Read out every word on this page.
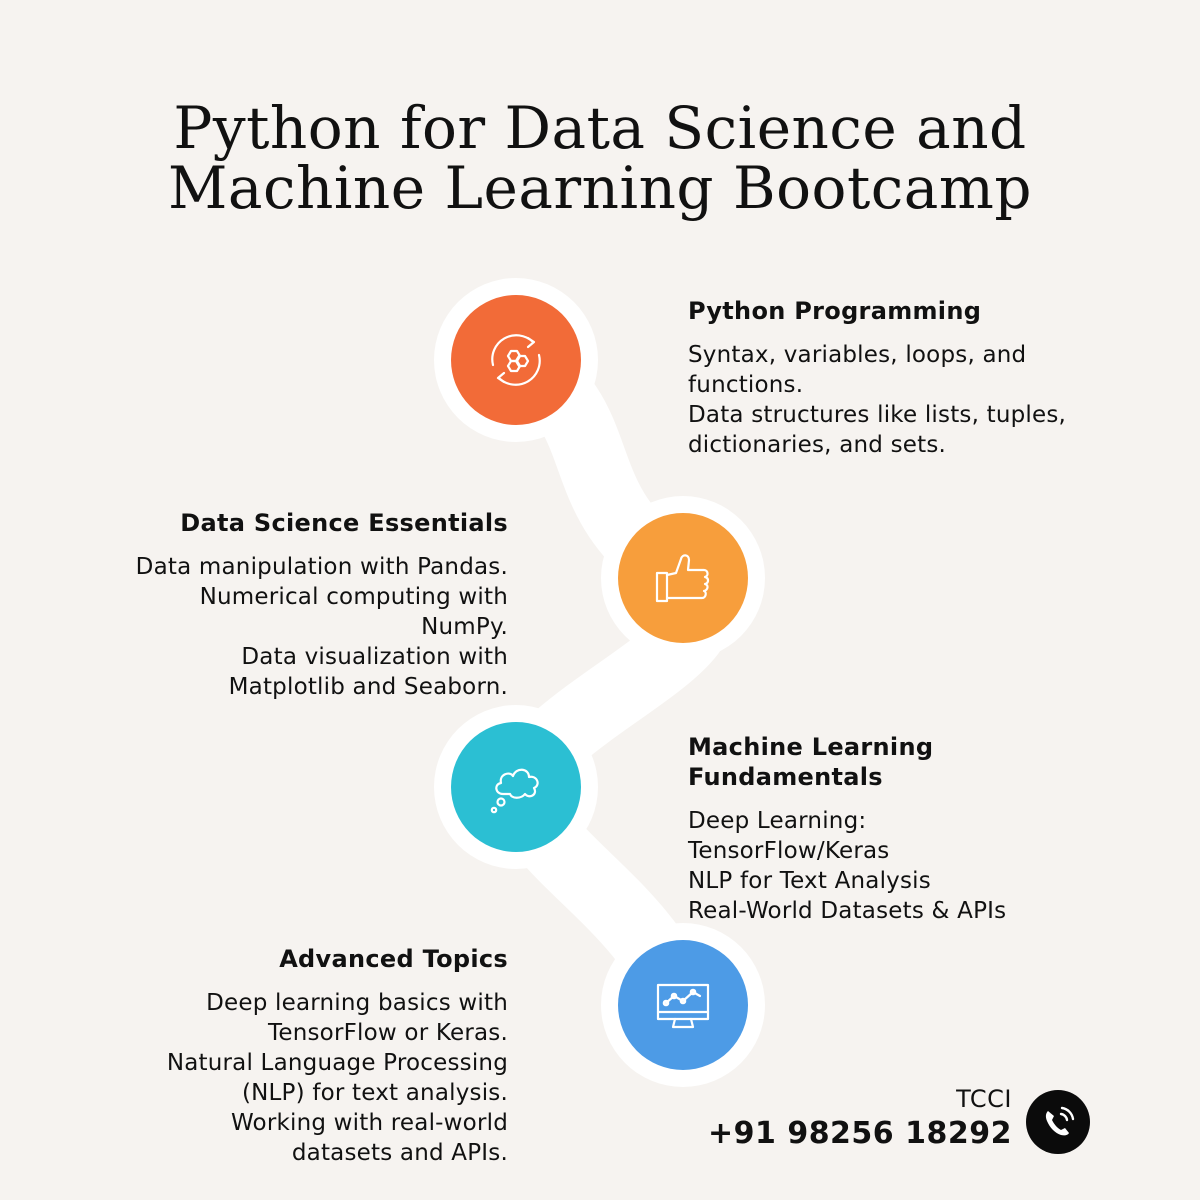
Python for Data Science and
Machine Learning Bootcamp
Python Programming
Syntax, variables, loops, and
functions.
Data structures like lists, tuples,
dictionaries, and sets.
Data Science Essentials
Data manipulation with Pandas.
Numerical computing with
NumPy.
Data visualization with
Matplotlib and Seaborn.
Machine Learning
Fundamentals
Deep Learning:
TensorFlow/Keras
NLP for Text Analysis
Real-World Datasets & APIs
Advanced Topics
Deep learning basics with
TensorFlow or Keras.
Natural Language Processing
(NLP) for text analysis.
Working with real-world
datasets and APIs.
TCCI
+91 98256 18292
